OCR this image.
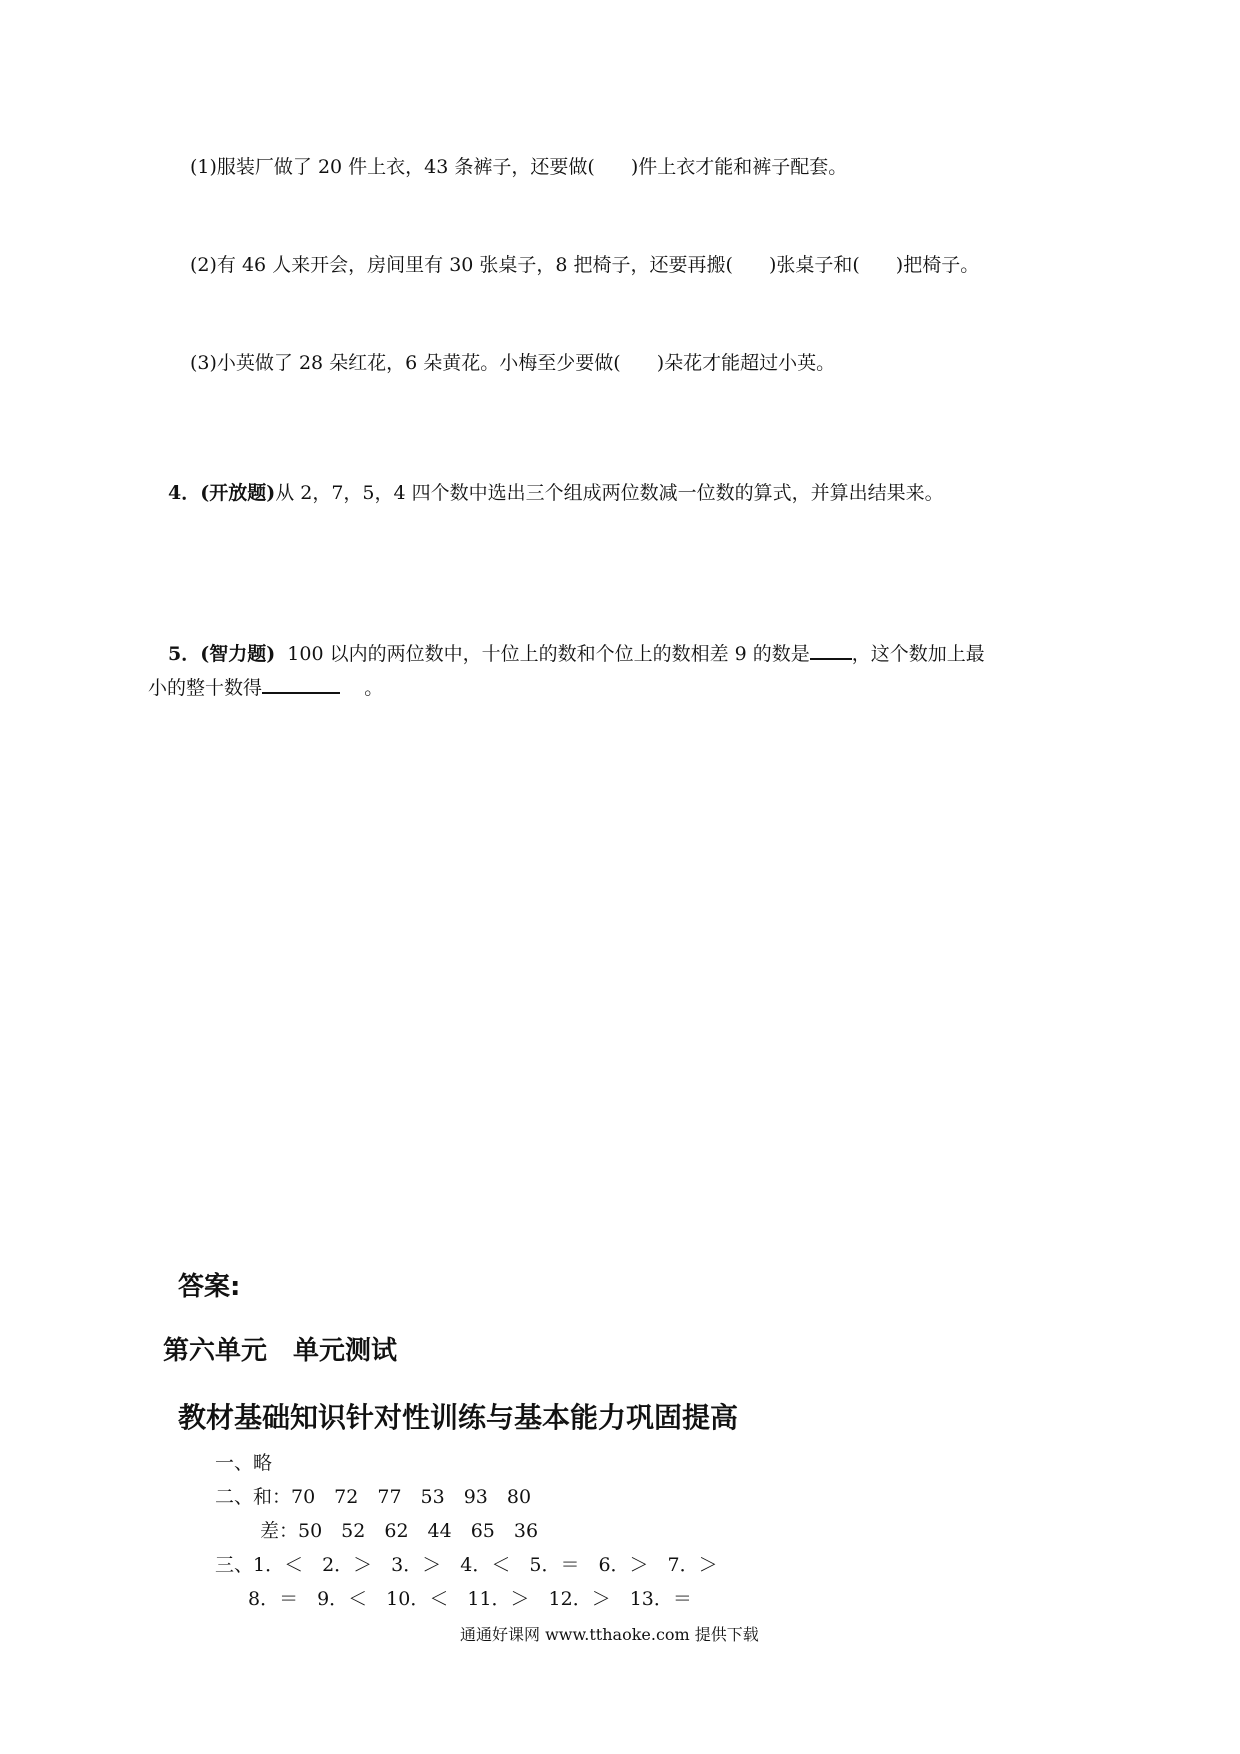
(1)服装厂做了 20 件上衣，43 条裤子，还要做( )件上衣才能和裤子配套。
(2)有 46 人来开会，房间里有 30 张桌子，8 把椅子，还要再搬( )张桌子和( )把椅子。
(3)小英做了 28 朵红花，6 朵黄花。小梅至少要做( )朵花才能超过小英。
4．(开放题)从 2，7，5，4 四个数中选出三个组成两位数减一位数的算式，并算出结果来。
5．(智力题) 100 以内的两位数中，十位上的数和个位上的数相差 9 的数是 ，这个数加上最
小的整十数得	。
答案:
第六单元　单元测试
教材基础知识针对性训练与基本能力巩固提高
一、略
二、和：70　72　77　53　93　80
差：50　52　62　44　65　36
三、1．＜　2．＞　3．＞　4．＜　5．＝　6．＞　7．＞
8．＝　9．＜　10．＜　11．＞　12．＞　13．＝
通通好课网 www.tthaoke.com 提供下载
